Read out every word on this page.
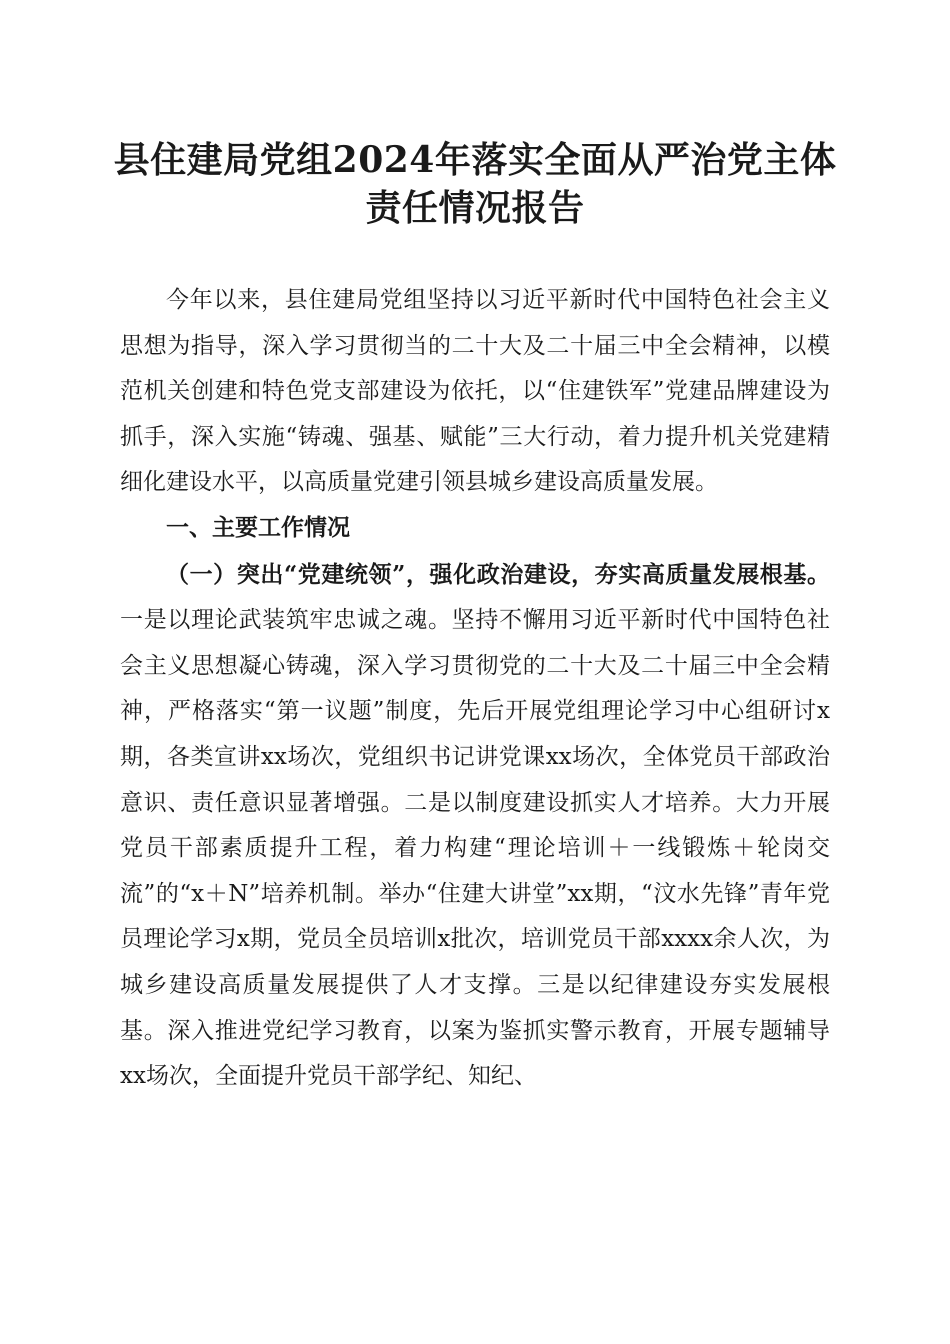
县住建局党组2024年落实全面从严治党主体
责任情况报告

今年以来，县住建局党组坚持以习近平新时代中国特色社会主义思想为指导，深入学习贯彻当的二十大及二十届三中全会精神，以模范机关创建和特色党支部建设为依托，以“住建铁军”党建品牌建设为抓手，深入实施“铸魂、强基、赋能”三大行动，着力提升机关党建精细化建设水平，以高质量党建引领县城乡建设高质量发展。

一、主要工作情况

（一）突出“党建统领”，强化政治建设，夯实高质量发展根基。一是以理论武装筑牢忠诚之魂。坚持不懈用习近平新时代中国特色社会主义思想凝心铸魂，深入学习贯彻党的二十大及二十届三中全会精神，严格落实“第一议题”制度，先后开展党组理论学习中心组研讨x期，各类宣讲xx场次，党组织书记讲党课xx场次，全体党员干部政治意识、责任意识显著增强。二是以制度建设抓实人才培养。大力开展党员干部素质提升工程，着力构建“理论培训＋一线锻炼＋轮岗交流”的“x＋N”培养机制。举办“住建大讲堂”xx期，“汶水先锋”青年党员理论学习x期，党员全员培训x批次，培训党员干部xxxx余人次，为城乡建设高质量发展提供了人才支撑。三是以纪律建设夯实发展根基。深入推进党纪学习教育，以案为鉴抓实警示教育，开展专题辅导xx场次，全面提升党员干部学纪、知纪、
